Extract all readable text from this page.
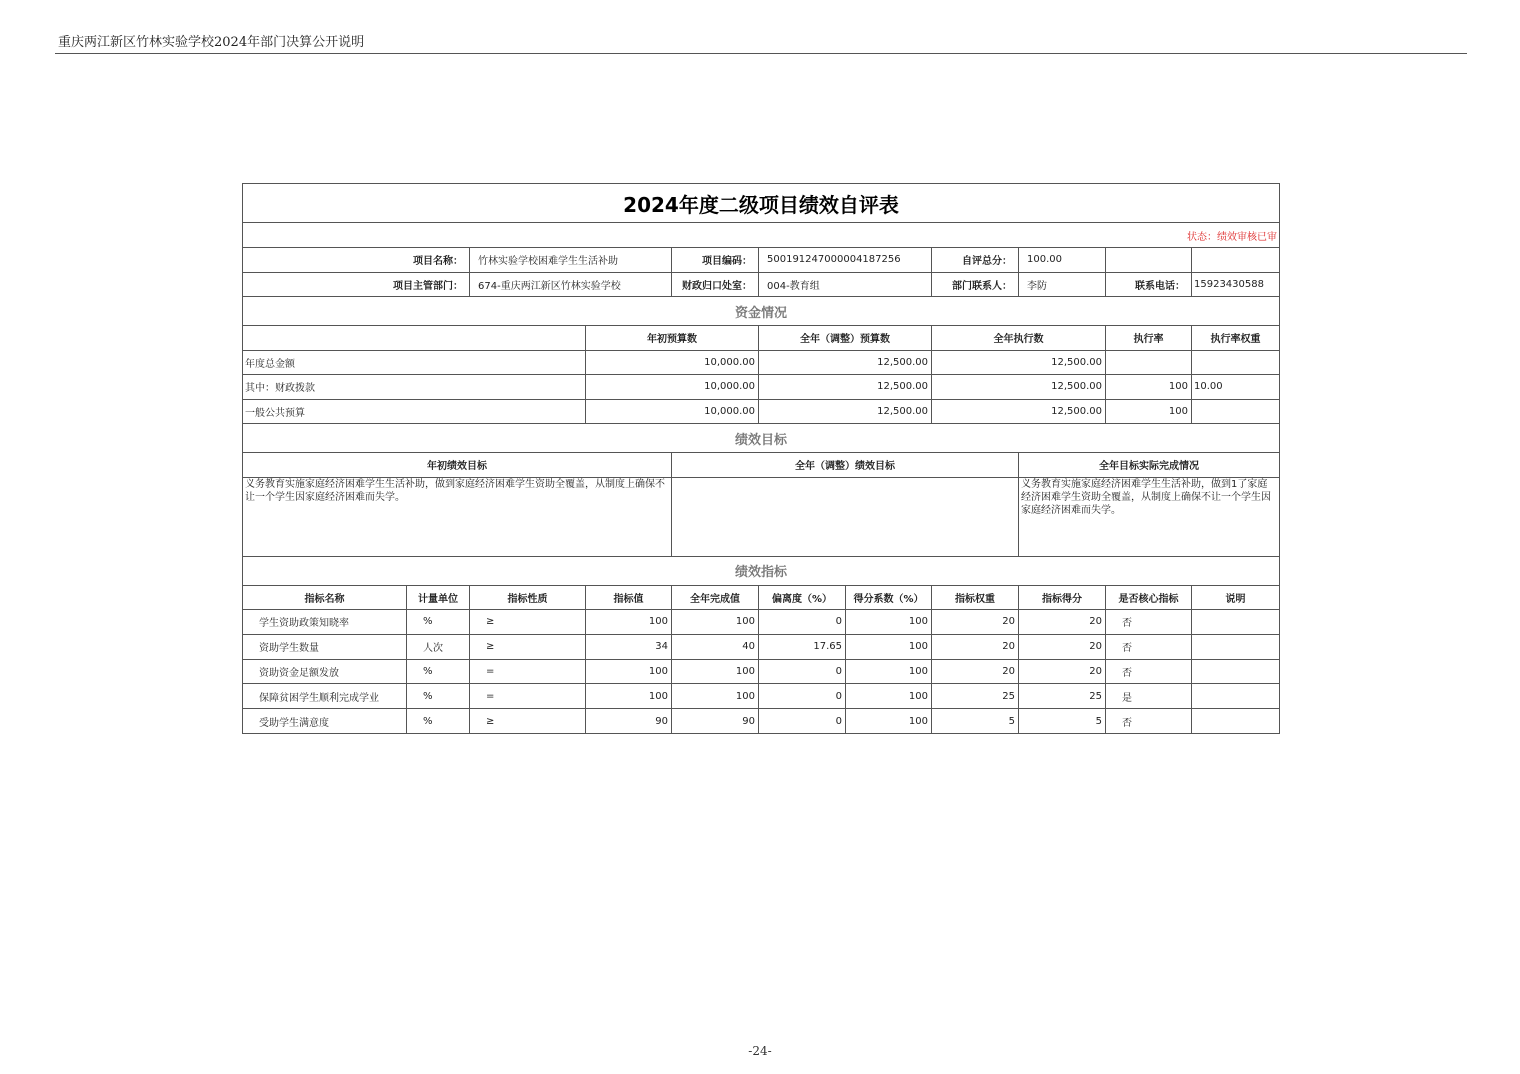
重庆两江新区竹林实验学校2024年部门决算公开说明
2024年度二级项目绩效自评表											
状态：绩效审核已审											
项目名称：		竹林实验学校困难学生生活补助		项目编码：	500191247000004187256		自评总分：	100.00			
项目主管部门：		674-重庆两江新区竹林实验学校		财政归口处室：	004-教育组		部门联系人：	李防	联系电话：	15923430588	
资金情况											
			年初预算数		全年（调整）预算数		全年执行数		执行率	执行率权重	
年度总金额			10,000.00		12,500.00		12,500.00				
其中：财政拨款			10,000.00		12,500.00		12,500.00		100	10.00	
一般公共预算			10,000.00		12,500.00		12,500.00		100		
绩效目标											
年初绩效目标				全年（调整）绩效目标				全年目标实际完成情况			
义务教育实施家庭经济困难学生生活补助，做到家庭经济困难学生资助全覆盖，从制度上确保不让一个学生因家庭经济困难而失学。								义务教育实施家庭经济困难学生生活补助，做到1了家庭经济困难学生资助全覆盖，从制度上确保不让一个学生因家庭经济困难而失学。			
绩效指标											
指标名称	计量单位	指标性质	指标值	全年完成值	偏离度（%）	得分系数（%）	指标权重	指标得分	是否核心指标	说明	
学生资助政策知晓率	%	≥	100	100	0	100	20	20	否		
资助学生数量	人次	≥	34	40	17.65	100	20	20	否		
资助资金足额发放	%	=	100	100	0	100	20	20	否		
保障贫困学生顺利完成学业	%	=	100	100	0	100	25	25	是		
受助学生满意度	%	≥	90	90	0	100	5	5	否		
-24-
